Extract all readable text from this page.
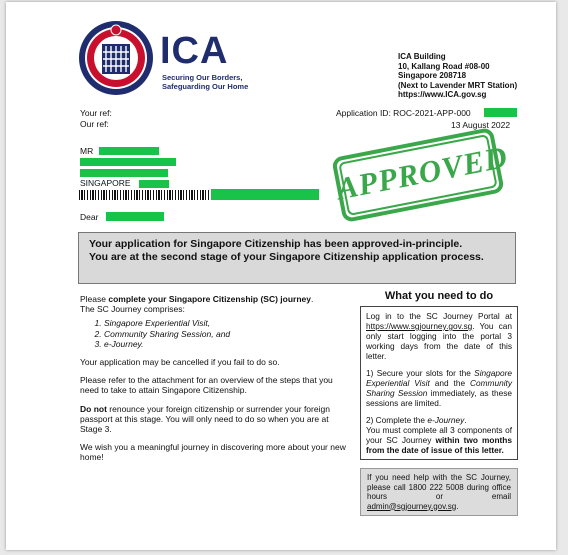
ICA
Securing Our Borders,
Safeguarding Our Home
ICA Building
10, Kallang Road #08-00
Singapore 208718
(Next to Lavender MRT Station)
https://www.ICA.gov.sg
Your ref:
Our ref:
Application ID: ROC-2021-APP-000
13 August 2022
MR
SINGAPORE
Dear
APPROVED
Your application for Singapore Citizenship has been approved-in-principle.
You are at the second stage of your Singapore Citizenship application process.

Please complete your Singapore Citizenship (SC) journey.
The SC Journey comprises:

1. Singapore Experiential Visit,
2. Community Sharing Session, and
3. e-Journey.

Your application may be cancelled if you fail to do so.

Please refer to the attachment for an overview of the steps that you need to take to attain Singapore Citizenship.

Do not renounce your foreign citizenship or surrender your foreign passport at this stage. You will only need to do so when you are at Stage 3.

We wish you a meaningful journey in discovering more about your new home!

What you need to do

Log in to the SC Journey Portal at https://www.sgjourney.gov.sg. You can only start logging into the portal 3 working days from the date of this letter.

1) Secure your slots for the Singapore Experiential Visit and the Community Sharing Session immediately, as these sessions are limited.

2) Complete the e-Journey.
You must complete all 3 components of your SC Journey within two months from the date of issue of this letter.

If you need help with the SC Journey, please call 1800 222 5008 during office hours or email admin@sgjourney.gov.sg.
